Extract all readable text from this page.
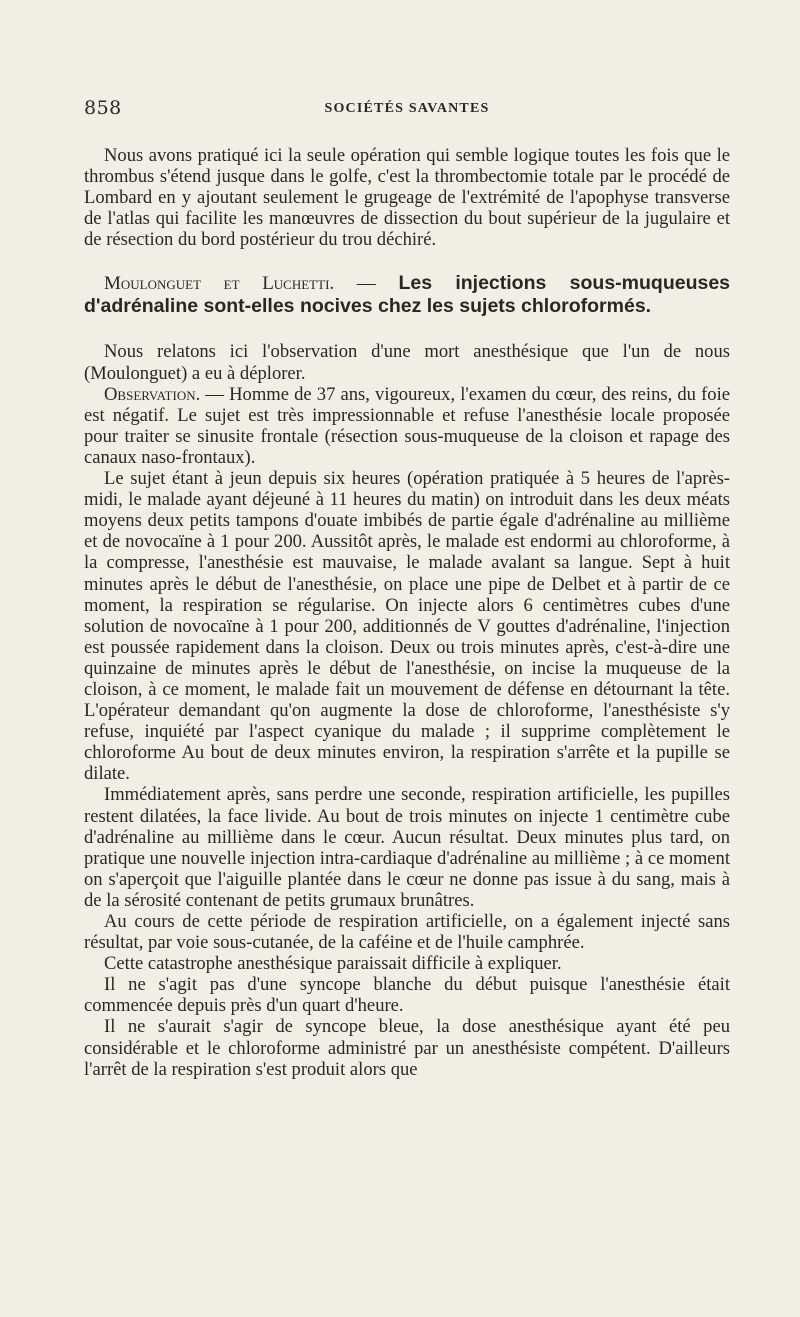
858	SOCIÉTÉS SAVANTES

Nous avons pratiqué ici la seule opération qui semble logique toutes les fois que le thrombus s'étend jusque dans le golfe, c'est la thrombectomie totale par le procédé de Lombard en y ajoutant seulement le grugeage de l'extrémité de l'apophyse transverse de l'atlas qui facilite les manœuvres de dissection du bout supérieur de la jugulaire et de résection du bord postérieur du trou déchiré.

Moulonguet et Luchetti. — Les injections sous-muqueuses d'adrénaline sont-elles nocives chez les sujets chloroformés.

Nous relatons ici l'observation d'une mort anesthésique que l'un de nous (Moulonguet) a eu à déplorer.

Observation. — Homme de 37 ans, vigoureux, l'examen du cœur, des reins, du foie est négatif. Le sujet est très impressionnable et refuse l'anesthésie locale proposée pour traiter se sinusite frontale (résection sous-muqueuse de la cloison et rapage des canaux naso-frontaux).

Le sujet étant à jeun depuis six heures (opération pratiquée à 5 heures de l'après-midi, le malade ayant déjeuné à 11 heures du matin) on introduit dans les deux méats moyens deux petits tampons d'ouate imbibés de partie égale d'adrénaline au millième et de novocaïne à 1 pour 200. Aussitôt après, le malade est endormi au chloroforme, à la compresse, l'anesthésie est mauvaise, le malade avalant sa langue. Sept à huit minutes après le début de l'anesthésie, on place une pipe de Delbet et à partir de ce moment, la respiration se régularise. On injecte alors 6 centimètres cubes d'une solution de novocaïne à 1 pour 200, additionnés de V gouttes d'adrénaline, l'injection est poussée rapidement dans la cloison. Deux ou trois minutes après, c'est-à-dire une quinzaine de minutes après le début de l'anesthésie, on incise la muqueuse de la cloison, à ce moment, le malade fait un mouvement de défense en détournant la tête. L'opérateur demandant qu'on augmente la dose de chloroforme, l'anesthésiste s'y refuse, inquiété par l'aspect cyanique du malade ; il supprime complètement le chloroforme Au bout de deux minutes environ, la respiration s'arrête et la pupille se dilate.

Immédiatement après, sans perdre une seconde, respiration artificielle, les pupilles restent dilatées, la face livide. Au bout de trois minutes on injecte 1 centimètre cube d'adrénaline au millième dans le cœur. Aucun résultat. Deux minutes plus tard, on pratique une nouvelle injection intra-cardiaque d'adrénaline au millième ; à ce moment on s'aperçoit que l'aiguille plantée dans le cœur ne donne pas issue à du sang, mais à de la sérosité contenant de petits grumaux brunâtres.

Au cours de cette période de respiration artificielle, on a également injecté sans résultat, par voie sous-cutanée, de la caféine et de l'huile camphrée.

Cette catastrophe anesthésique paraissait difficile à expliquer.

Il ne s'agit pas d'une syncope blanche du début puisque l'anesthésie était commencée depuis près d'un quart d'heure.

Il ne s'aurait s'agir de syncope bleue, la dose anesthésique ayant été peu considérable et le chloroforme administré par un anesthésiste compétent. D'ailleurs l'arrêt de la respiration s'est produit alors que
